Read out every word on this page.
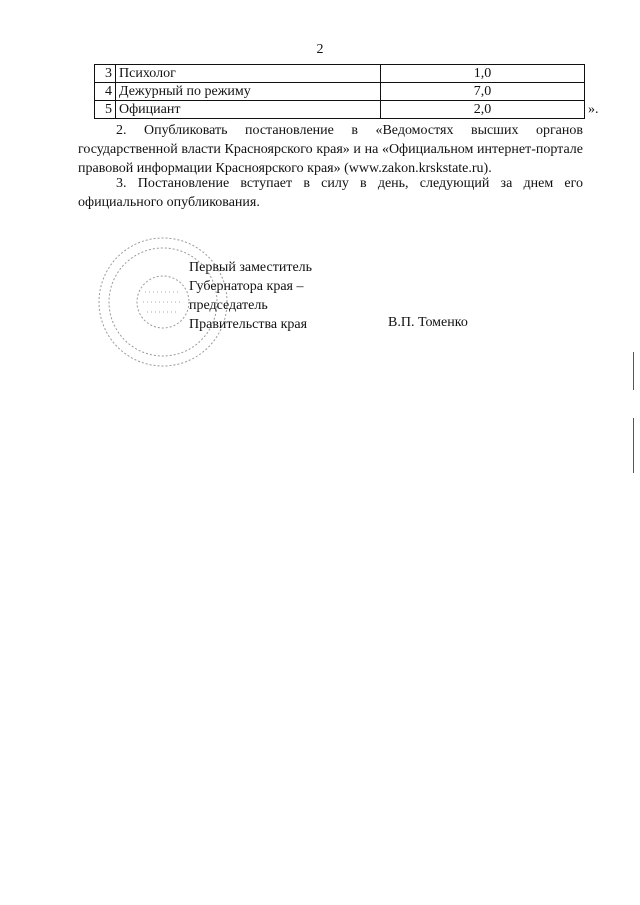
2
3	Психолог	1,0
4	Дежурный по режиму	7,0
5	Официант	2,0	».

2. Опубликовать постановление в «Ведомостях высших органов государственной власти Красноярского края» и на «Официальном интернет-портале правовой информации Красноярского края» (www.zakon.krskstate.ru).

3. Постановление вступает в силу в день, следующий за днем его официального опубликования.

Первый заместитель
Губернатора края –
председатель
Правительства края	В.П. Томенко
